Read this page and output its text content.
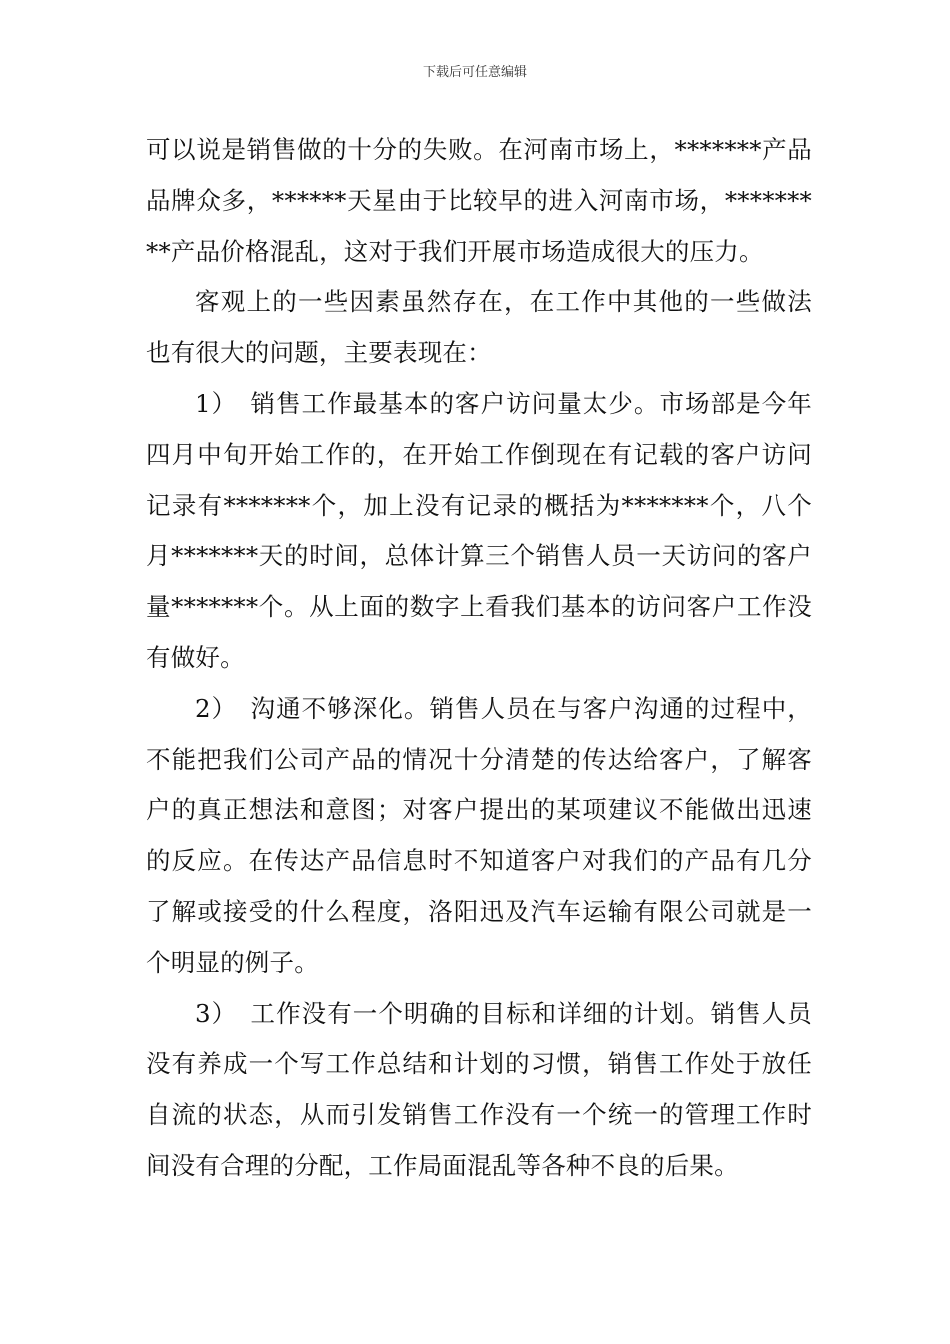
下载后可任意编辑

可以说是销售做的十分的失败。在河南市场上，*******产品品牌众多，******天星由于比较早的进入河南市场，*********产品价格混乱，这对于我们开展市场造成很大的压力。

客观上的一些因素虽然存在，在工作中其他的一些做法也有很大的问题，主要表现在：

1）　销售工作最基本的客户访问量太少。市场部是今年四月中旬开始工作的，在开始工作倒现在有记载的客户访问记录有*******个，加上没有记录的概括为*******个，八个月*******天的时间，总体计算三个销售人员一天访问的客户量*******个。从上面的数字上看我们基本的访问客户工作没有做好。

2）　沟通不够深化。销售人员在与客户沟通的过程中，不能把我们公司产品的情况十分清楚的传达给客户，了解客户的真正想法和意图；对客户提出的某项建议不能做出迅速的反应。在传达产品信息时不知道客户对我们的产品有几分了解或接受的什么程度，洛阳迅及汽车运输有限公司就是一个明显的例子。

3）　工作没有一个明确的目标和详细的计划。销售人员没有养成一个写工作总结和计划的习惯，销售工作处于放任自流的状态，从而引发销售工作没有一个统一的管理工作时间没有合理的分配，工作局面混乱等各种不良的后果。
